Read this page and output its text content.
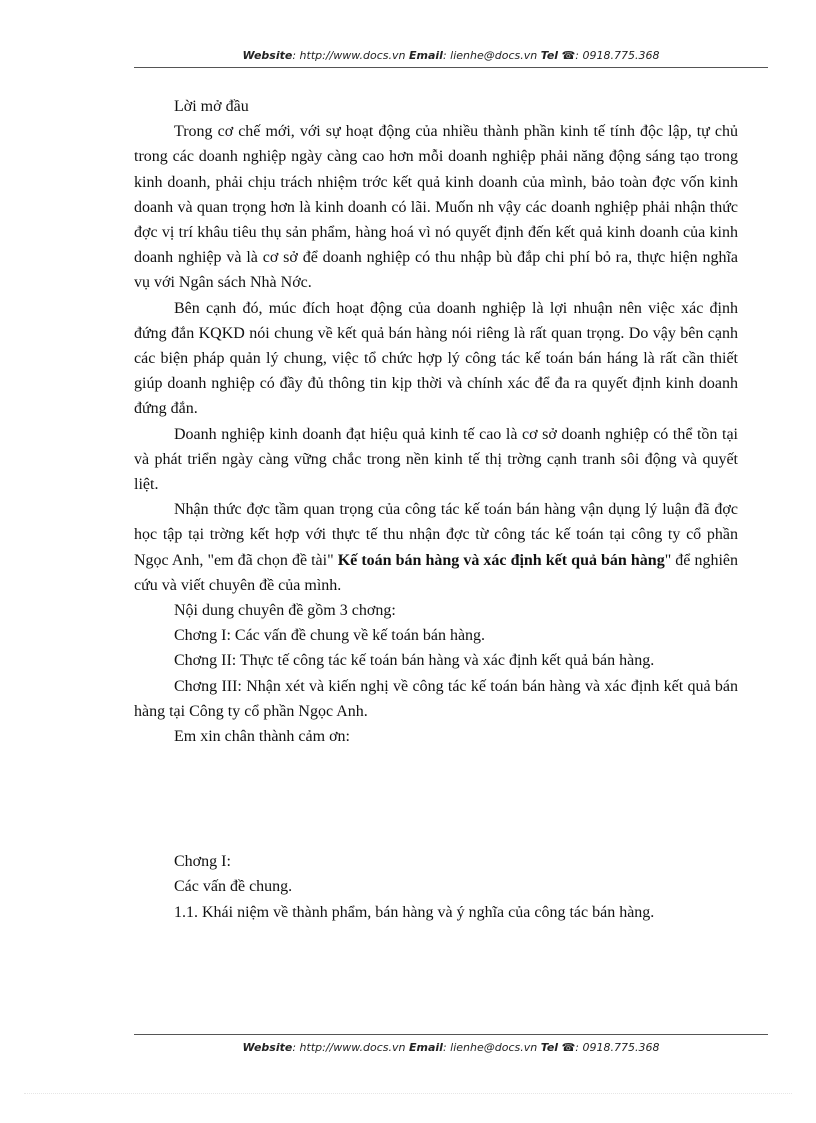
Website: http://www.docs.vn Email: lienhe@docs.vn Tel ☎: 0918.775.368

Lời mở đầu

Trong cơ chế mới, với sự hoạt động của nhiều thành phần kinh tế tính độc lập, tự chủ trong các doanh nghiệp ngày càng cao hơn mỗi doanh nghiệp phải năng động sáng tạo trong kinh doanh, phải chịu trách nhiệm trớc kết quả kinh doanh của mình, bảo toàn đợc vốn kinh doanh và quan trọng hơn là kinh doanh có lãi. Muốn nh vậy các doanh nghiệp phải nhận thức đợc vị trí khâu tiêu thụ sản phẩm, hàng hoá vì nó quyết định đến kết quả kinh doanh của kinh doanh nghiệp và là cơ sở để doanh nghiệp có thu nhập bù đắp chi phí bỏ ra, thực hiện nghĩa vụ với Ngân sách Nhà Nớc.

Bên cạnh đó, múc đích hoạt động của doanh nghiệp là lợi nhuận nên việc xác định đứng đắn KQKD nói chung về kết quả bán hàng nói riêng là rất quan trọng. Do vậy bên cạnh các biện pháp quản lý chung, việc tổ chức hợp lý công tác kế toán bán háng là rất cần thiết giúp doanh nghiệp có đầy đủ thông tin kịp thời và chính xác để đa ra quyết định kinh doanh đứng đắn.

Doanh nghiệp kinh doanh đạt hiệu quả kinh tế cao là cơ sở doanh nghiệp có thể tồn tại và phát triển ngày càng vững chắc trong nền kinh tế thị trờng cạnh tranh sôi động và quyết liệt.

Nhận thức đợc tầm quan trọng của công tác kế toán bán hàng vận dụng lý luận đã đợc học tập tại trờng kết hợp với thực tế thu nhận đợc từ công tác kế toán tại công ty cổ phần Ngọc Anh, "em đã chọn đề tài" Kế toán bán hàng và xác định kết quả bán hàng" để nghiên cứu và viết chuyên đề của mình.

Nội dung chuyên đề gồm 3 chơng:

Chơng I: Các vấn đề chung về kế toán bán hàng.

Chơng II: Thực tế công tác kế toán bán hàng và xác định kết quả bán hàng.

Chơng III: Nhận xét và kiến nghị về công tác kế toán bán hàng và xác định kết quả bán hàng tại Công ty cổ phần Ngọc Anh.

Em xin chân thành cảm ơn:

Chơng I:

Các vấn đề chung.

1.1. Khái niệm về thành phẩm, bán hàng và ý nghĩa của công tác bán hàng.

Website: http://www.docs.vn Email: lienhe@docs.vn Tel ☎: 0918.775.368
